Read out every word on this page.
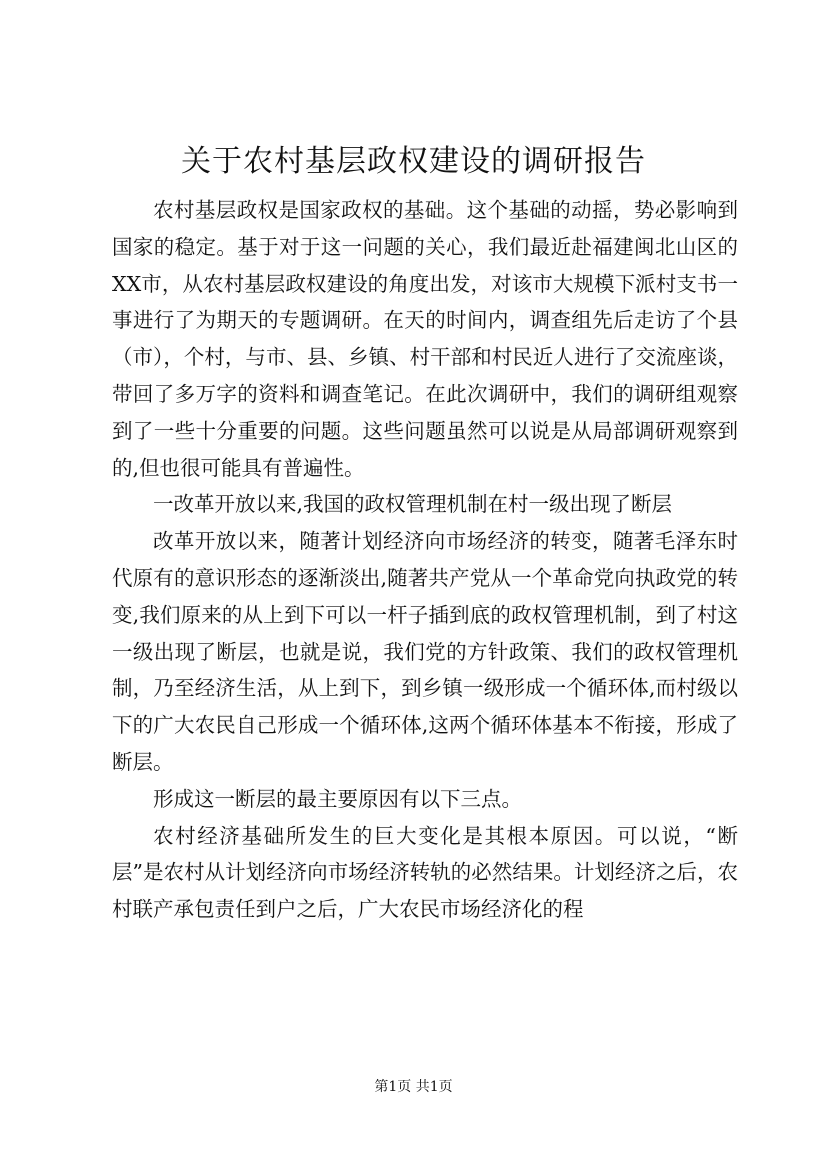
关于农村基层政权建设的调研报告

农村基层政权是国家政权的基础。这个基础的动摇，势必影响到国家的稳定。基于对于这一问题的关心，我们最近赴福建闽北山区的XX市，从农村基层政权建设的角度出发，对该市大规模下派村支书一事进行了为期天的专题调研。在天的时间内，调查组先后走访了个县（市），个村，与市、县、乡镇、村干部和村民近人进行了交流座谈，带回了多万字的资料和调查笔记。在此次调研中，我们的调研组观察到了一些十分重要的问题。这些问题虽然可以说是从局部调研观察到的,但也很可能具有普遍性。

一改革开放以来,我国的政权管理机制在村一级出现了断层

改革开放以来，随著计划经济向市场经济的转变，随著毛泽东时代原有的意识形态的逐渐淡出,随著共产党从一个革命党向执政党的转变,我们原来的从上到下可以一杆子插到底的政权管理机制，到了村这一级出现了断层，也就是说，我们党的方针政策、我们的政权管理机制，乃至经济生活，从上到下，到乡镇一级形成一个循环体,而村级以下的广大农民自己形成一个循环体,这两个循环体基本不衔接，形成了断层。

形成这一断层的最主要原因有以下三点。

农村经济基础所发生的巨大变化是其根本原因。可以说，“断层”是农村从计划经济向市场经济转轨的必然结果。计划经济之后，农村联产承包责任到户之后，广大农民市场经济化的程

第1页 共1页
